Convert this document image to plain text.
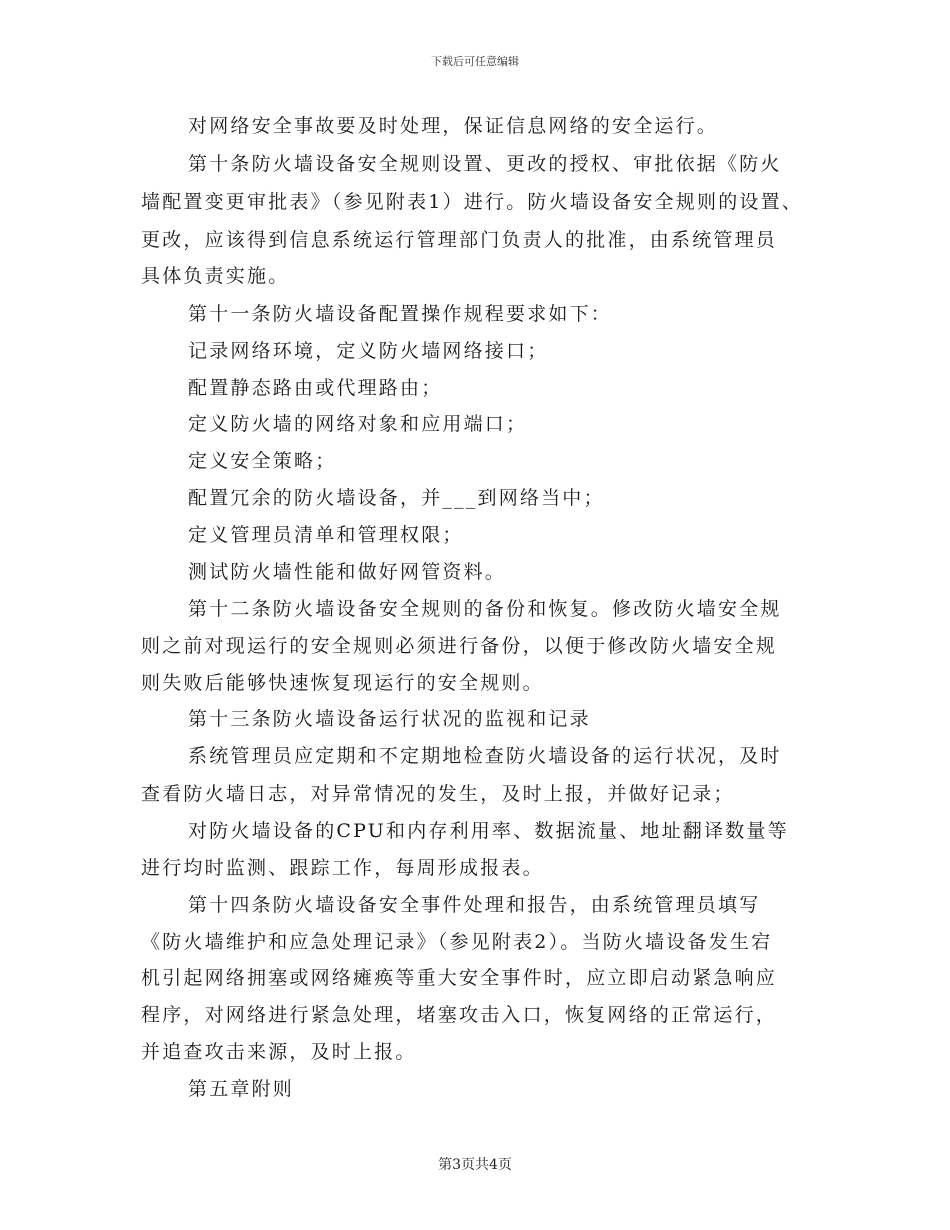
下载后可任意编辑
对网络安全事故要及时处理，保证信息网络的安全运行。
第十条防火墙设备安全规则设置、更改的授权、审批依据《防火
墙配置变更审批表》（参见附表1）进行。防火墙设备安全规则的设置、
更改，应该得到信息系统运行管理部门负责人的批准，由系统管理员
具体负责实施。
第十一条防火墙设备配置操作规程要求如下：
记录网络环境，定义防火墙网络接口；
配置静态路由或代理路由；
定义防火墙的网络对象和应用端口；
定义安全策略；
配置冗余的防火墙设备，并___到网络当中；
定义管理员清单和管理权限；
测试防火墙性能和做好网管资料。
第十二条防火墙设备安全规则的备份和恢复。修改防火墙安全规
则之前对现运行的安全规则必须进行备份，以便于修改防火墙安全规
则失败后能够快速恢复现运行的安全规则。
第十三条防火墙设备运行状况的监视和记录
系统管理员应定期和不定期地检查防火墙设备的运行状况，及时
查看防火墙日志，对异常情况的发生，及时上报，并做好记录；
对防火墙设备的CPU和内存利用率、数据流量、地址翻译数量等
进行均时监测、跟踪工作，每周形成报表。
第十四条防火墙设备安全事件处理和报告，由系统管理员填写
《防火墙维护和应急处理记录》（参见附表2）。当防火墙设备发生宕
机引起网络拥塞或网络瘫痪等重大安全事件时，应立即启动紧急响应
程序，对网络进行紧急处理，堵塞攻击入口，恢复网络的正常运行，
并追查攻击来源，及时上报。
第五章附则
第3页共4页
